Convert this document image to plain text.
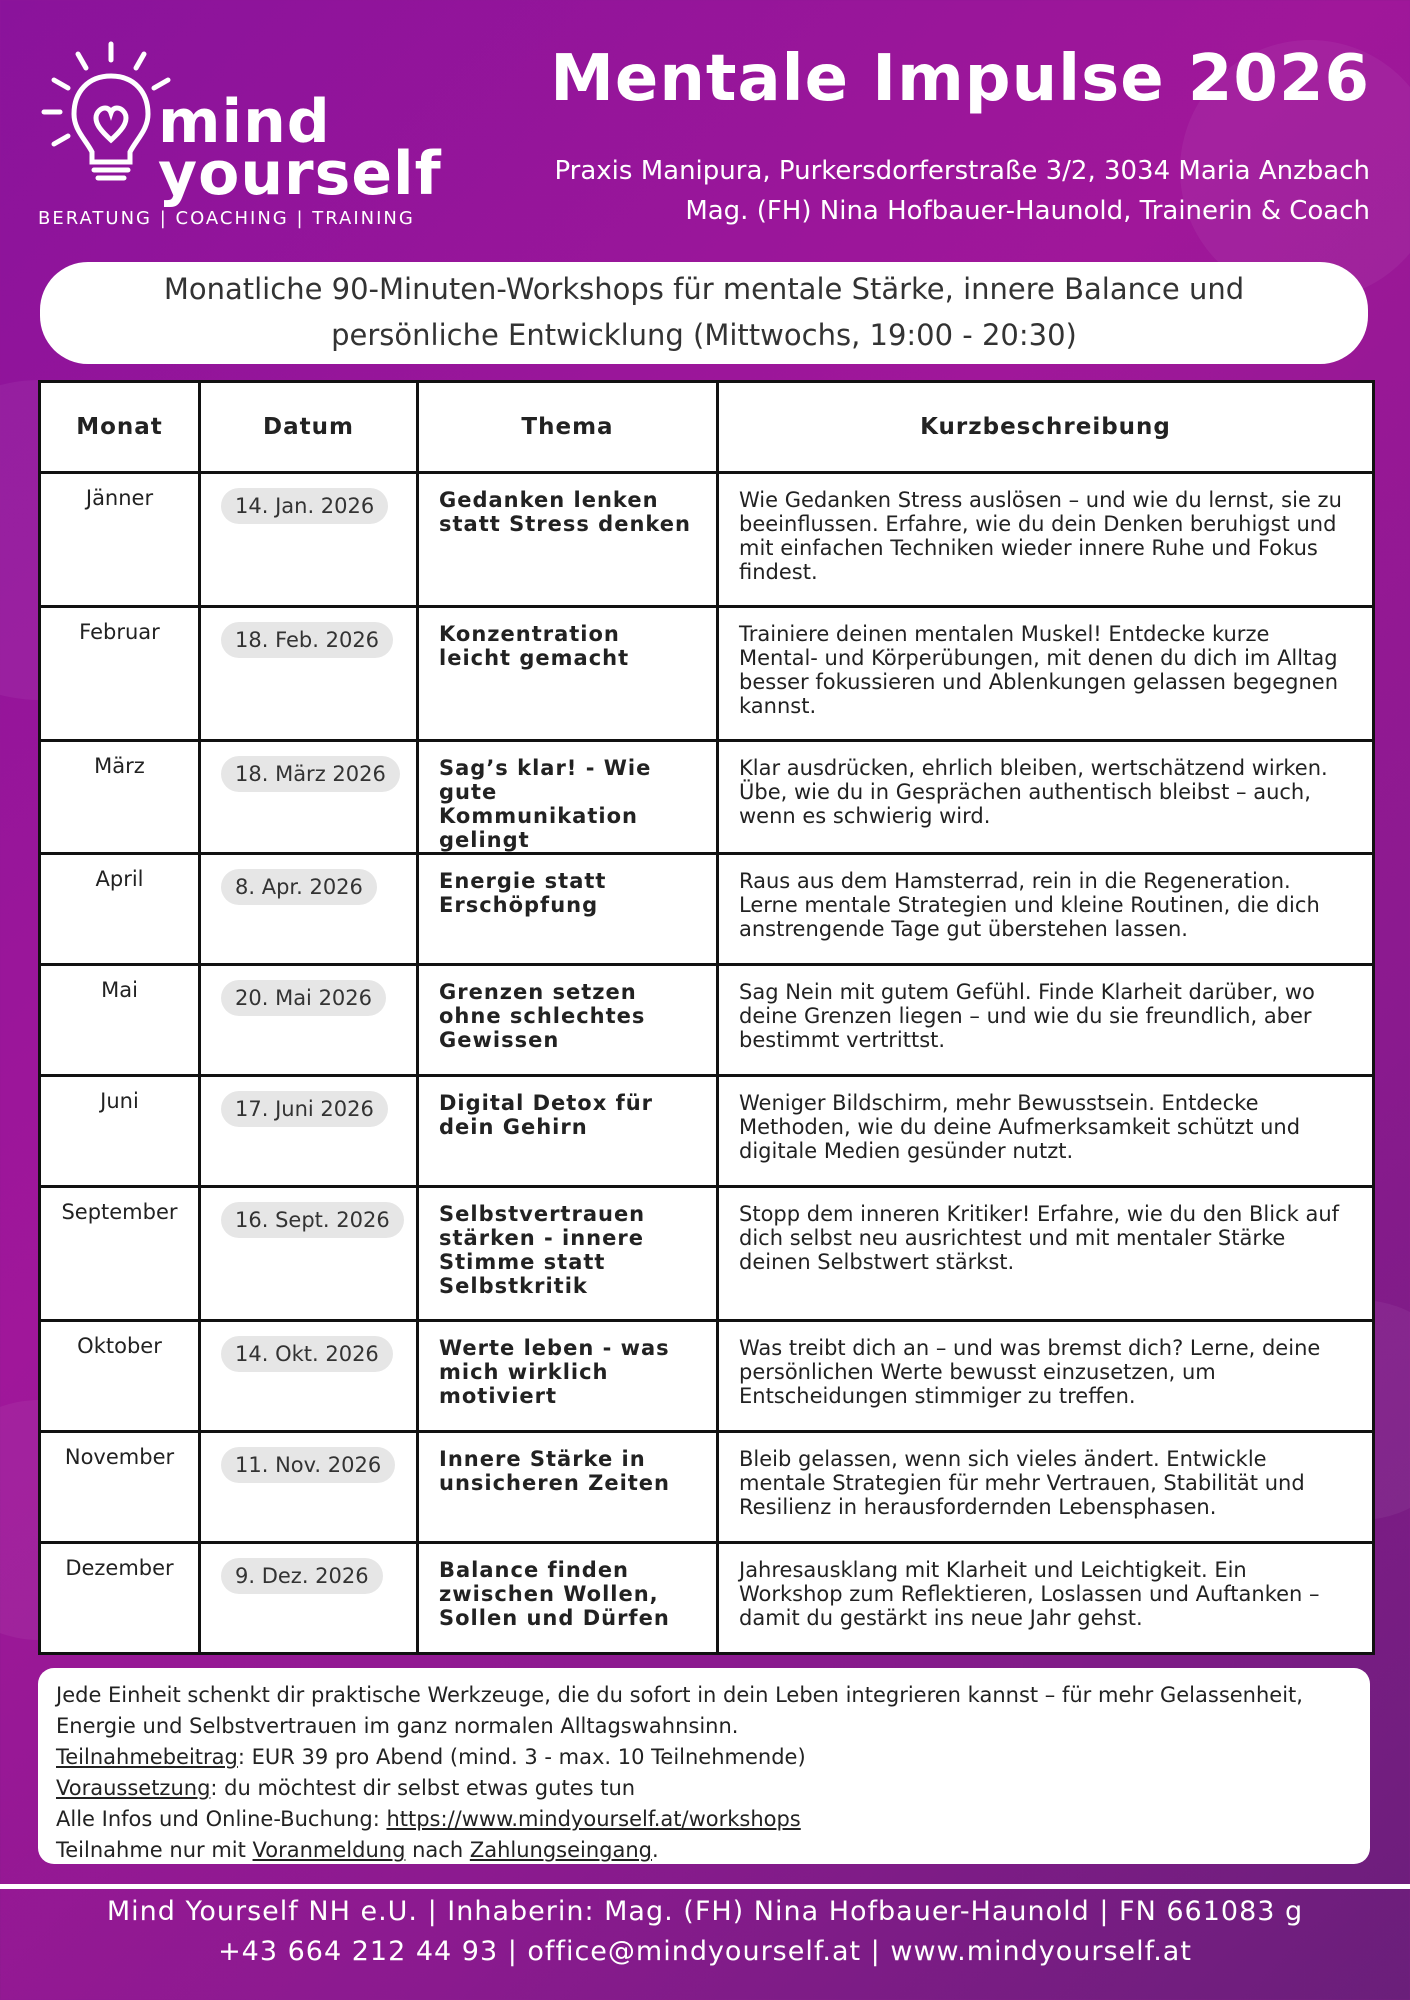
mind
yourself
BERATUNG | COACHING | TRAINING
Mentale Impulse 2026
Praxis Manipura, Purkersdorferstraße 3/2, 3034 Maria Anzbach
Mag. (FH) Nina Hofbauer-Haunold, Trainerin & Coach
Monatliche 90-Minuten-Workshops für mentale Stärke, innere Balance und
persönliche Entwicklung (Mittwochs, 19:00 - 20:30)
Monat	Datum	Thema	Kurzbeschreibung
Jänner	14. Jan. 2026	Gedanken lenken statt Stress denken	Wie Gedanken Stress auslösen – und wie du lernst, sie zu beeinflussen. Erfahre, wie du dein Denken beruhigst und mit einfachen Techniken wieder innere Ruhe und Fokus findest.
Februar	18. Feb. 2026	Konzentration leicht gemacht	Trainiere deinen mentalen Muskel! Entdecke kurze Mental- und Körperübungen, mit denen du dich im Alltag besser fokussieren und Ablenkungen gelassen begegnen kannst.
März	18. März 2026	Sag’s klar! - Wie gute Kommunikation gelingt	Klar ausdrücken, ehrlich bleiben, wertschätzend wirken. Übe, wie du in Gesprächen authentisch bleibst – auch, wenn es schwierig wird.
April	8. Apr. 2026	Energie statt Erschöpfung	Raus aus dem Hamsterrad, rein in die Regeneration. Lerne mentale Strategien und kleine Routinen, die dich anstrengende Tage gut überstehen lassen.
Mai	20. Mai 2026	Grenzen setzen ohne schlechtes Gewissen	Sag Nein mit gutem Gefühl. Finde Klarheit darüber, wo deine Grenzen liegen – und wie du sie freundlich, aber bestimmt vertrittst.
Juni	17. Juni 2026	Digital Detox für dein Gehirn	Weniger Bildschirm, mehr Bewusstsein. Entdecke Methoden, wie du deine Aufmerksamkeit schützt und digitale Medien gesünder nutzt.
September	16. Sept. 2026	Selbstvertrauen stärken - innere Stimme statt Selbstkritik	Stopp dem inneren Kritiker! Erfahre, wie du den Blick auf dich selbst neu ausrichtest und mit mentaler Stärke deinen Selbstwert stärkst.
Oktober	14. Okt. 2026	Werte leben - was mich wirklich motiviert	Was treibt dich an – und was bremst dich? Lerne, deine persönlichen Werte bewusst einzusetzen, um Entscheidungen stimmiger zu treffen.
November	11. Nov. 2026	Innere Stärke in unsicheren Zeiten	Bleib gelassen, wenn sich vieles ändert. Entwickle mentale Strategien für mehr Vertrauen, Stabilität und Resilienz in herausfordernden Lebensphasen.
Dezember	9. Dez. 2026	Balance finden zwischen Wollen, Sollen und Dürfen	Jahresausklang mit Klarheit und Leichtigkeit. Ein Workshop zum Reflektieren, Loslassen und Auftanken – damit du gestärkt ins neue Jahr gehst.
Jede Einheit schenkt dir praktische Werkzeuge, die du sofort in dein Leben integrieren kannst – für mehr Gelassenheit, Energie und Selbstvertrauen im ganz normalen Alltagswahnsinn.
Teilnahmebeitrag: EUR 39 pro Abend (mind. 3 - max. 10 Teilnehmende)
Voraussetzung: du möchtest dir selbst etwas gutes tun
Alle Infos und Online-Buchung: https://www.mindyourself.at/workshops
Teilnahme nur mit Voranmeldung nach Zahlungseingang.
Mind Yourself NH e.U. | Inhaberin: Mag. (FH) Nina Hofbauer-Haunold | FN 661083 g
+43 664 212 44 93 | office@mindyourself.at | www.mindyourself.at
